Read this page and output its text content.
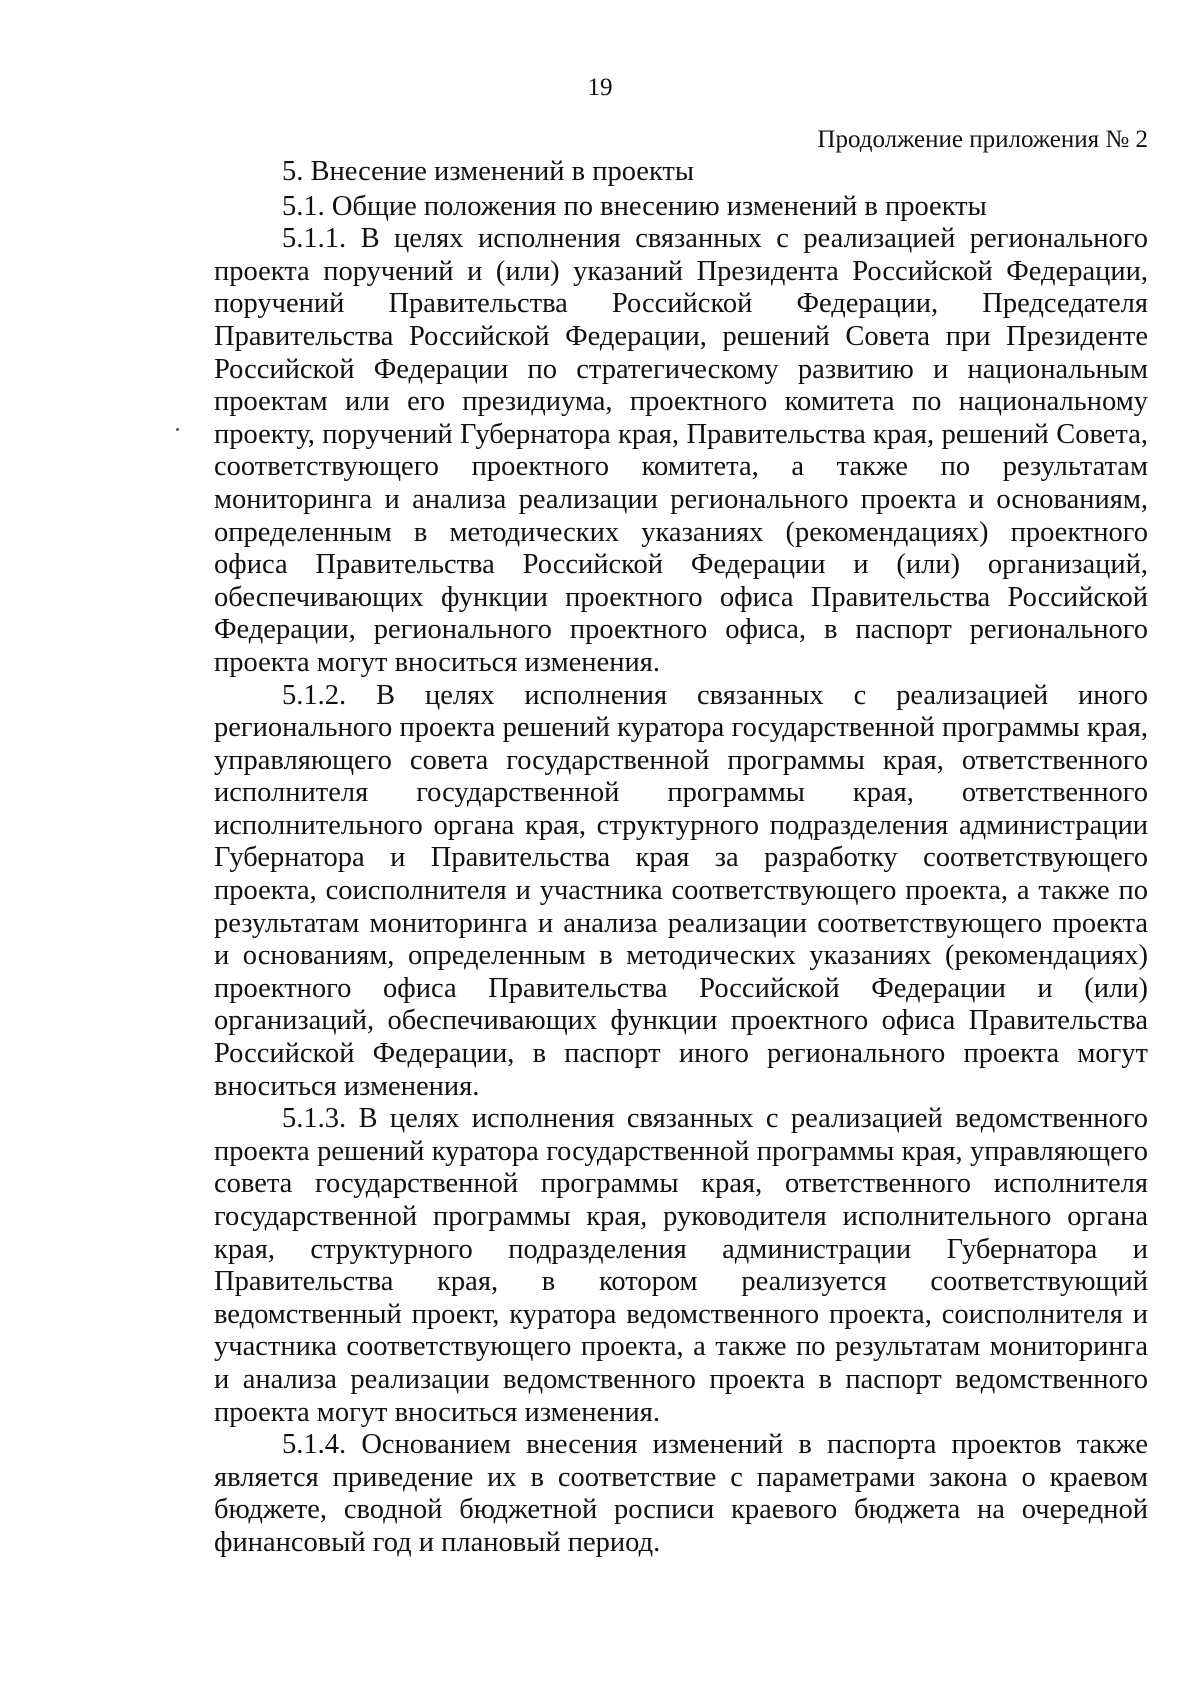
19
Продолжение приложения № 2

5. Внесение изменений в проекты

5.1. Общие положения по внесению изменений в проекты

5.1.1. В целях исполнения связанных с реализацией регионального проекта поручений и (или) указаний Президента Российской Федерации, поручений Правительства Российской Федерации, Председателя Правительства Российской Федерации, решений Совета при Президенте Российской Федерации по стратегическому развитию и национальным проектам или его президиума, проектного комитета по национальному проекту, поручений Губернатора края, Правительства края, решений Совета, соответствующего проектного комитета, а также по результатам мониторинга и анализа реализации регионального проекта и основаниям, определенным в методических указаниях (рекомендациях) проектного офиса Правительства Российской Федерации и (или) организаций, обеспечивающих функции проектного офиса Правительства Российской Федерации, регионального проектного офиса, в паспорт регионального проекта могут вноситься изменения.

5.1.2. В целях исполнения связанных с реализацией иного регионального проекта решений куратора государственной программы края, управляющего совета государственной программы края, ответственного исполнителя государственной программы края, ответственного исполнительного органа края, структурного подразделения администрации Губернатора и Правительства края за разработку соответствующего проекта, соисполнителя и участника соответствующего проекта, а также по результатам мониторинга и анализа реализации соответствующего проекта и основаниям, определенным в методических указаниях (рекомендациях) проектного офиса Правительства Российской Федерации и (или) организаций, обеспечивающих функции проектного офиса Правительства Российской Федерации, в паспорт иного регионального проекта могут вноситься изменения.

5.1.3. В целях исполнения связанных с реализацией ведомственного проекта решений куратора государственной программы края, управляющего совета государственной программы края, ответственного исполнителя государственной программы края, руководителя исполнительного органа края, структурного подразделения администрации Губернатора и Правительства края, в котором реализуется соответствующий ведомственный проект, куратора ведомственного проекта, соисполнителя и участника соответствующего проекта, а также по результатам мониторинга и анализа реализации ведомственного проекта в паспорт ведомственного проекта могут вноситься изменения.

5.1.4. Основанием внесения изменений в паспорта проектов также является приведение их в соответствие с параметрами закона о краевом бюджете, сводной бюджетной росписи краевого бюджета на очередной финансовый год и плановый период.
